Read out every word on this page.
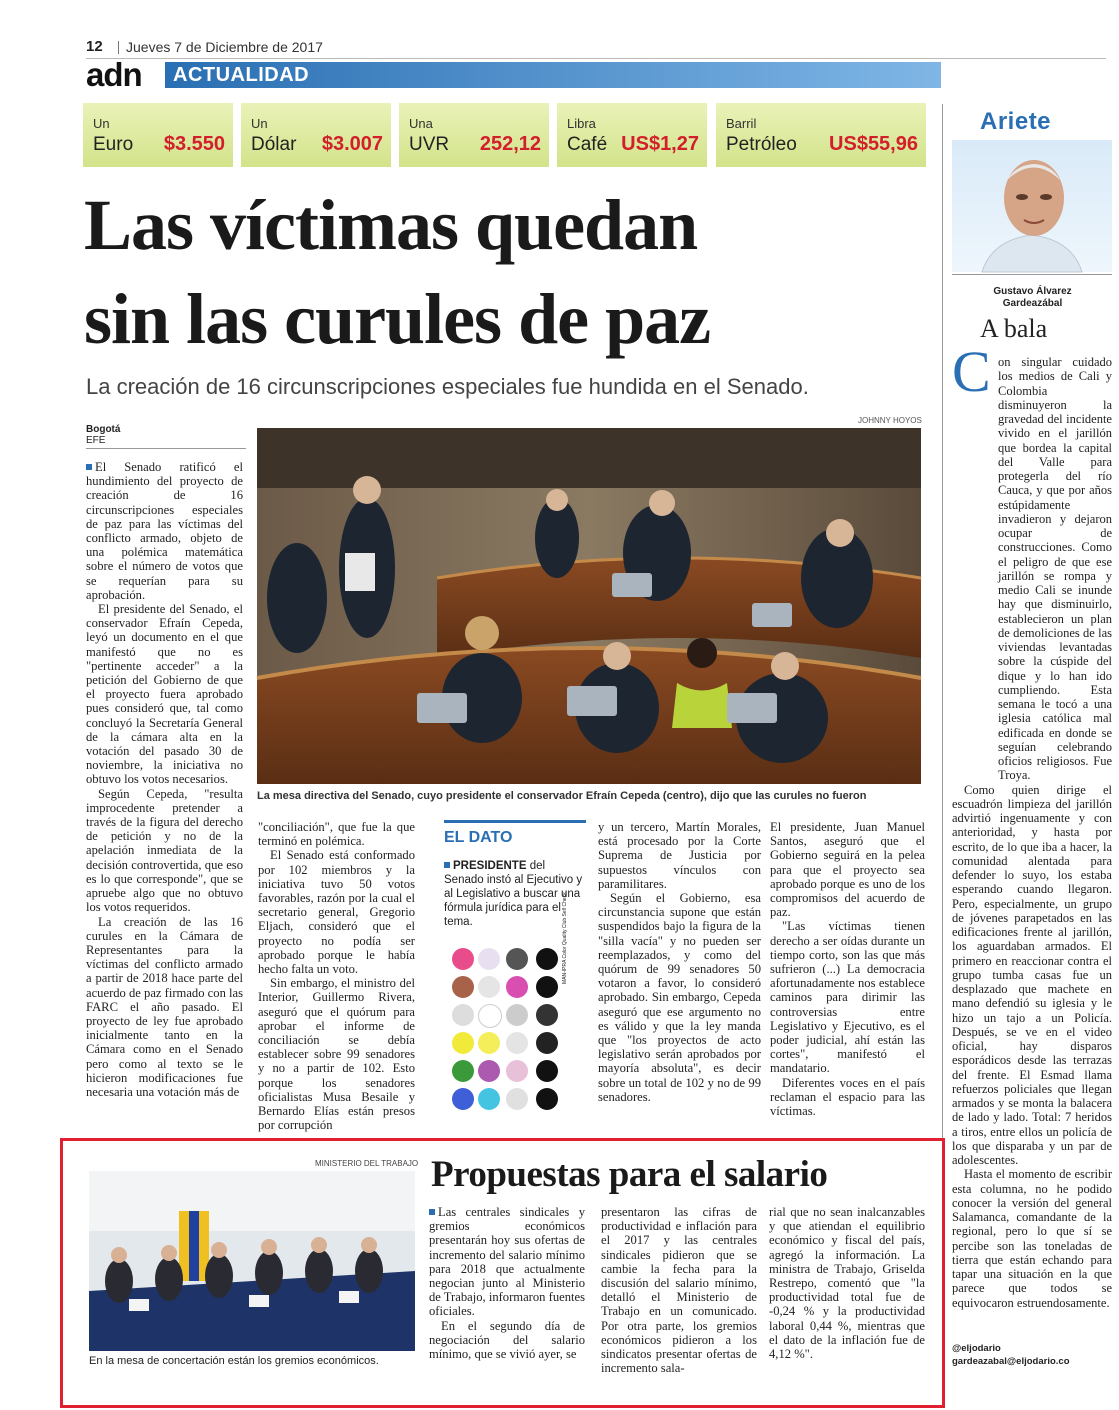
12 Jueves 7 de Diciembre de 2017
adn ACTUALIDAD
Un
Euro $3.550
Un
Dólar $3.007
Una
UVR 252,12
Libra
Café US$1,27
Barril
Petróleo US$55,96
Las víctimas quedan
sin las curules de paz
La creación de 16 circunscripciones especiales fue hundida en el Senado.
Bogotá
EFE
JOHNNY HOYOS
La mesa directiva del Senado, cuyo presidente el conservador Efraín Cepeda (centro), dijo que las curules no fueron

El Senado ratificó el hundimiento del proyecto de creación de 16 circunscripciones especiales de paz para las víctimas del conflicto armado, objeto de una polémica matemática sobre el número de votos que se requerían para su aprobación.

El presidente del Senado, el conservador Efraín Cepeda, leyó un documento en el que manifestó que no es "pertinente acceder" a la petición del Gobierno de que el proyecto fuera aprobado pues consideró que, tal como concluyó la Secretaría General de la cámara alta en la votación del pasado 30 de noviembre, la iniciativa no obtuvo los votos necesarios.

Según Cepeda, "resulta improcedente pretender a través de la figura del derecho de petición y no de la apelación inmediata de la decisión controvertida, que eso es lo que corresponde", que se apruebe algo que no obtuvo los votos requeridos.

La creación de las 16 curules en la Cámara de Representantes para la víctimas del conflicto armado a partir de 2018 hace parte del acuerdo de paz firmado con las FARC el año pasado. El proyecto de ley fue aprobado inicialmente tanto en la Cámara como en el Senado pero como al texto se le hicieron modificaciones fue necesaria una votación más de

"conciliación", que fue la que terminó en polémica.

El Senado está conformado por 102 miembros y la iniciativa tuvo 50 votos favorables, razón por la cual el secretario general, Gregorio Eljach, consideró que el proyecto no podía ser aprobado porque le había hecho falta un voto.

Sin embargo, el ministro del Interior, Guillermo Rivera, aseguró que el quórum para aprobar el informe de conciliación se debía establecer sobre 99 senadores y no a partir de 102. Esto porque los senadores oficialistas Musa Besaile y Bernardo Elías están presos por corrupción

EL DATO
PRESIDENTE del Senado instó al Ejecutivo y al Legislativo a buscar una fórmula jurídica para el tema.	MAN-IPRA Color Quality Club Self Check

y un tercero, Martín Morales, está procesado por la Corte Suprema de Justicia por supuestos vínculos con paramilitares.

Según el Gobierno, esa circunstancia supone que están suspendidos bajo la figura de la "silla vacía" y no pueden ser reemplazados, y como del quórum de 99 senadores 50 votaron a favor, lo consideró aprobado. Sin embargo, Cepeda aseguró que ese argumento no es válido y que la ley manda que "los proyectos de acto legislativo serán aprobados por mayoría absoluta", es decir sobre un total de 102 y no de 99 senadores.

El presidente, Juan Manuel Santos, aseguró que el Gobierno seguirá en la pelea para que el proyecto sea aprobado porque es uno de los compromisos del acuerdo de paz.

"Las víctimas tienen derecho a ser oídas durante un tiempo corto, son las que más sufrieron (...) La democracia afortunadamente nos establece caminos para dirimir las controversias entre Legislativo y Ejecutivo, es el poder judicial, ahí están las cortes", manifestó el mandatario.

Diferentes voces en el país reclaman el espacio para las víctimas.

Ariete
Gustavo Álvarez
Gardeazábal
A bala
C on singular cuidado los medios de Cali y Colombia disminuyeron la gravedad del incidente vivido en el jarillón que bordea la capital del Valle para protegerla del río Cauca, y que por años estúpidamente invadieron y dejaron ocupar de construcciones. Como el peligro de que ese jarillón se rompa y medio Cali se inunde hay que disminuirlo, establecieron un plan de demoliciones de las viviendas levantadas sobre la cúspide del dique y lo han ido cumpliendo. Esta semana le tocó a una iglesia católica mal edificada en donde se seguían celebrando oficios religiosos. Fue Troya.

Como quien dirige el escuadrón limpieza del jarillón advirtió ingenuamente y con anterioridad, y hasta por escrito, de lo que iba a hacer, la comunidad alentada para defender lo suyo, los estaba esperando cuando llegaron. Pero, especialmente, un grupo de jóvenes parapetados en las edificaciones frente al jarillón, los aguardaban armados. El primero en reaccionar contra el grupo tumba casas fue un desplazado que machete en mano defendió su iglesia y le hizo un tajo a un Policía. Después, se ve en el video oficial, hay disparos esporádicos desde las terrazas del frente. El Esmad llama refuerzos policiales que llegan armados y se monta la balacera de lado y lado. Total: 7 heridos a tiros, entre ellos un policía de los que disparaba y un par de adolescentes.

Hasta el momento de escribir esta columna, no he podido conocer la versión del general Salamanca, comandante de la regional, pero lo que sí se percibe son las toneladas de tierra que están echando para tapar una situación en la que parece que todos se equivocaron estruendosamente.

@eljodario
gardeazabal@eljodario.co
MINISTERIO DEL TRABAJO
En la mesa de concertación están los gremios económicos.
Propuestas para el salario

Las centrales sindicales y gremios económicos presentarán hoy sus ofertas de incremento del salario mínimo para 2018 que actualmente negocian junto al Ministerio de Trabajo, informaron fuentes oficiales.

En el segundo día de negociación del salario mínimo, que se vivió ayer, se

presentaron las cifras de productividad e inflación para el 2017 y las centrales sindicales pidieron que se cambie la fecha para la discusión del salario mínimo, detalló el Ministerio de Trabajo en un comunicado. Por otra parte, los gremios económicos pidieron a los sindicatos presentar ofertas de incremento sala-

rial que no sean inalcanzables y que atiendan el equilibrio económico y fiscal del país, agregó la información. La ministra de Trabajo, Griselda Restrepo, comentó que "la productividad total fue de -0,24 % y la productividad laboral 0,44 %, mientras que el dato de la inflación fue de 4,12 %".
